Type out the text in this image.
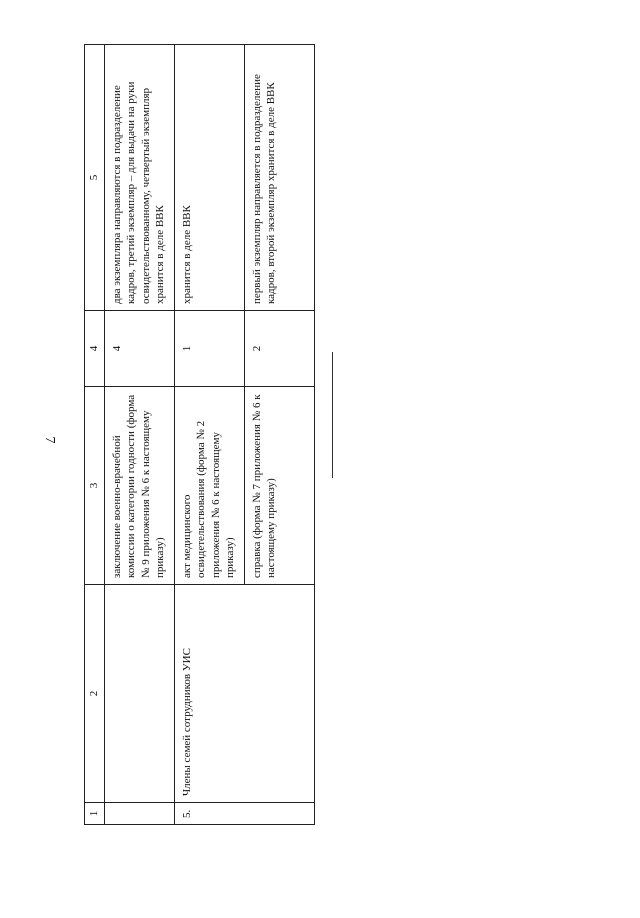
7
1	2	3	4	5
		заключение военно-врачебной комиссии о категории годности (форма № 9 приложения № 6 к настоящему приказу)	4	два экземпляра направляются в подразделение кадров, третий экземпляр – для выдачи на руки освидетельствованному, четвертый экземпляр хранится в деле ВВК
5.	Члены семей сотрудников УИС	акт медицинского освидетельствования (форма № 2 приложения № 6 к настоящему приказу)	1	хранится в деле ВВК
		справка (форма № 7 приложения № 6 к настоящему приказу)	2	первый экземпляр направляется в подразделение кадров, второй экземпляр хранится в деле ВВК
